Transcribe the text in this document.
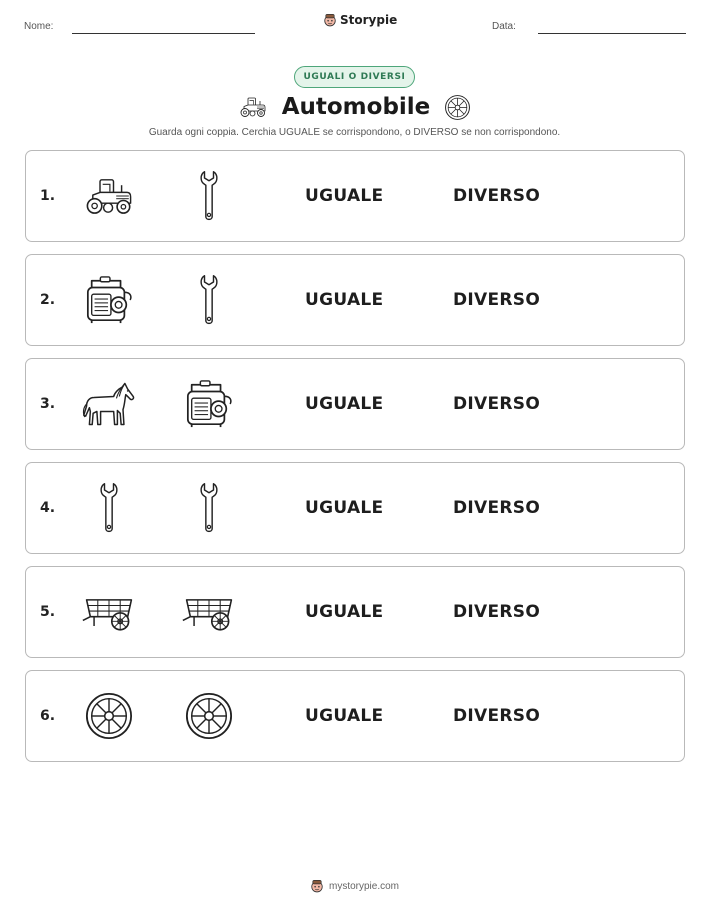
Nome:	Storypie	Data:
UGUALI O DIVERSI
Automobile
Guarda ogni coppia. Cerchia UGUALE se corrispondono, o DIVERSO se non corrispondono.
1.	UGUALE	DIVERSO
2.	UGUALE	DIVERSO
3.	UGUALE	DIVERSO
4.	UGUALE	DIVERSO
5.	UGUALE	DIVERSO
6.	UGUALE	DIVERSO
mystorypie.com
